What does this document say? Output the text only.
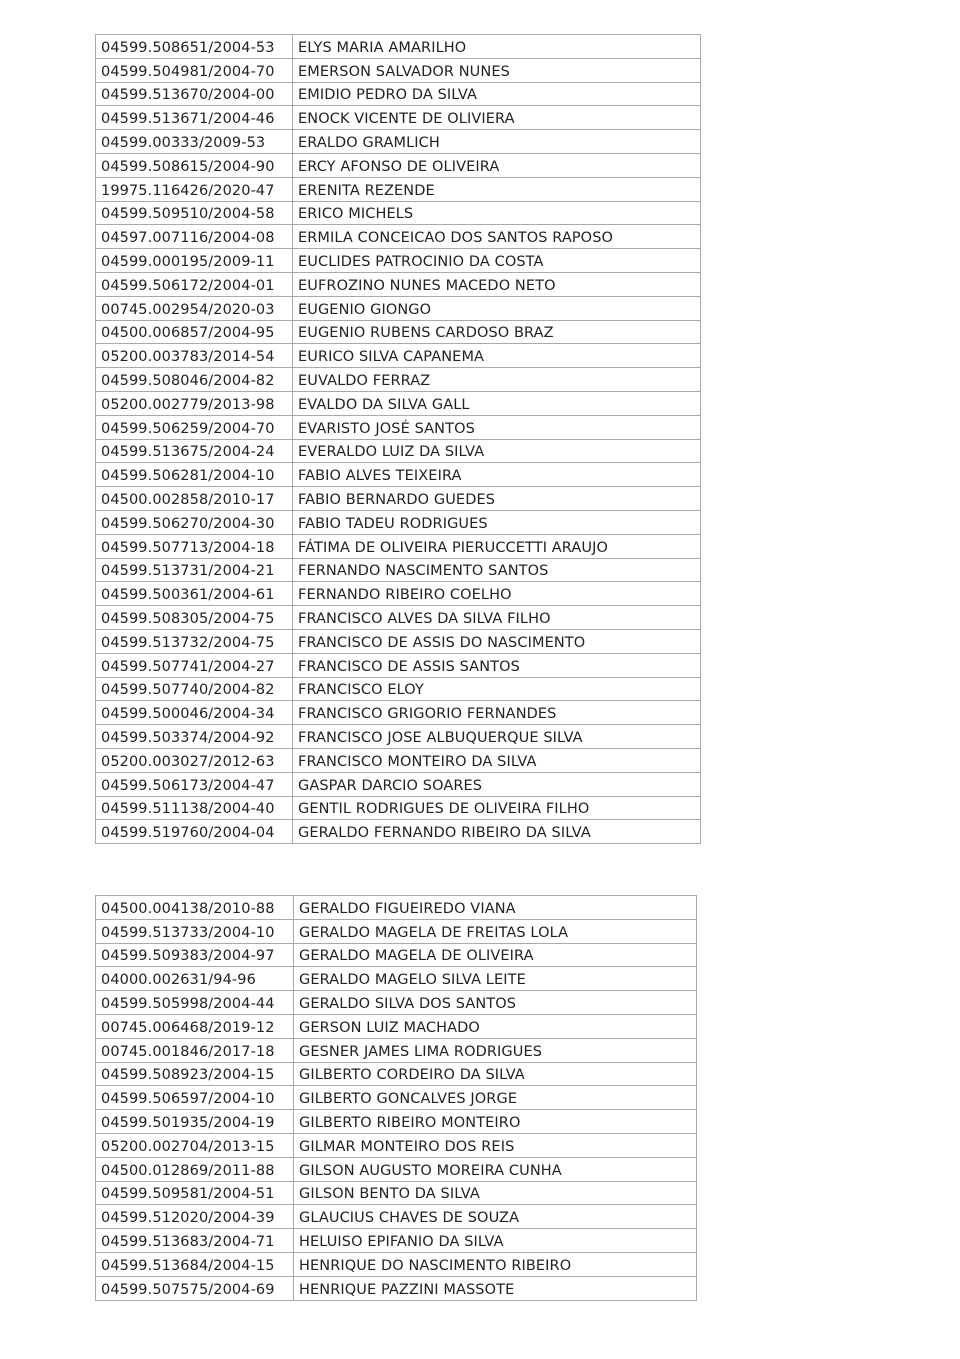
04599.508651/2004-53	ELYS MARIA AMARILHO
04599.504981/2004-70	EMERSON SALVADOR NUNES
04599.513670/2004-00	EMIDIO PEDRO DA SILVA
04599.513671/2004-46	ENOCK VICENTE DE OLIVIERA
04599.00333/2009-53	ERALDO GRAMLICH
04599.508615/2004-90	ERCY AFONSO DE OLIVEIRA
19975.116426/2020-47	ERENITA REZENDE
04599.509510/2004-58	ERICO MICHELS
04597.007116/2004-08	ERMILA CONCEICAO DOS SANTOS RAPOSO
04599.000195/2009-11	EUCLIDES PATROCINIO DA COSTA
04599.506172/2004-01	EUFROZINO NUNES MACEDO NETO
00745.002954/2020-03	EUGENIO GIONGO
04500.006857/2004-95	EUGENIO RUBENS CARDOSO BRAZ
05200.003783/2014-54	EURICO SILVA CAPANEMA
04599.508046/2004-82	EUVALDO FERRAZ
05200.002779/2013-98	EVALDO DA SILVA GALL
04599.506259/2004-70	EVARISTO JOSÉ SANTOS
04599.513675/2004-24	EVERALDO LUIZ DA SILVA
04599.506281/2004-10	FABIO ALVES TEIXEIRA
04500.002858/2010-17	FABIO BERNARDO GUEDES
04599.506270/2004-30	FABIO TADEU RODRIGUES
04599.507713/2004-18	FÁTIMA DE OLIVEIRA PIERUCCETTI ARAUJO
04599.513731/2004-21	FERNANDO NASCIMENTO SANTOS
04599.500361/2004-61	FERNANDO RIBEIRO COELHO
04599.508305/2004-75	FRANCISCO ALVES DA SILVA FILHO
04599.513732/2004-75	FRANCISCO DE ASSIS DO NASCIMENTO
04599.507741/2004-27	FRANCISCO DE ASSIS SANTOS
04599.507740/2004-82	FRANCISCO ELOY
04599.500046/2004-34	FRANCISCO GRIGORIO FERNANDES
04599.503374/2004-92	FRANCISCO JOSE ALBUQUERQUE SILVA
05200.003027/2012-63	FRANCISCO MONTEIRO DA SILVA
04599.506173/2004-47	GASPAR DARCIO SOARES
04599.511138/2004-40	GENTIL RODRIGUES DE OLIVEIRA FILHO
04599.519760/2004-04	GERALDO FERNANDO RIBEIRO DA SILVA
04500.004138/2010-88	GERALDO FIGUEIREDO VIANA
04599.513733/2004-10	GERALDO MAGELA DE FREITAS LOLA
04599.509383/2004-97	GERALDO MAGELA DE OLIVEIRA
04000.002631/94-96	GERALDO MAGELO SILVA LEITE
04599.505998/2004-44	GERALDO SILVA DOS SANTOS
00745.006468/2019-12	GERSON LUIZ MACHADO
00745.001846/2017-18	GESNER JAMES LIMA RODRIGUES
04599.508923/2004-15	GILBERTO CORDEIRO DA SILVA
04599.506597/2004-10	GILBERTO GONCALVES JORGE
04599.501935/2004-19	GILBERTO RIBEIRO MONTEIRO
05200.002704/2013-15	GILMAR MONTEIRO DOS REIS
04500.012869/2011-88	GILSON AUGUSTO MOREIRA CUNHA
04599.509581/2004-51	GILSON BENTO DA SILVA
04599.512020/2004-39	GLAUCIUS CHAVES DE SOUZA
04599.513683/2004-71	HELUISO EPIFANIO DA SILVA
04599.513684/2004-15	HENRIQUE DO NASCIMENTO RIBEIRO
04599.507575/2004-69	HENRIQUE PAZZINI MASSOTE
